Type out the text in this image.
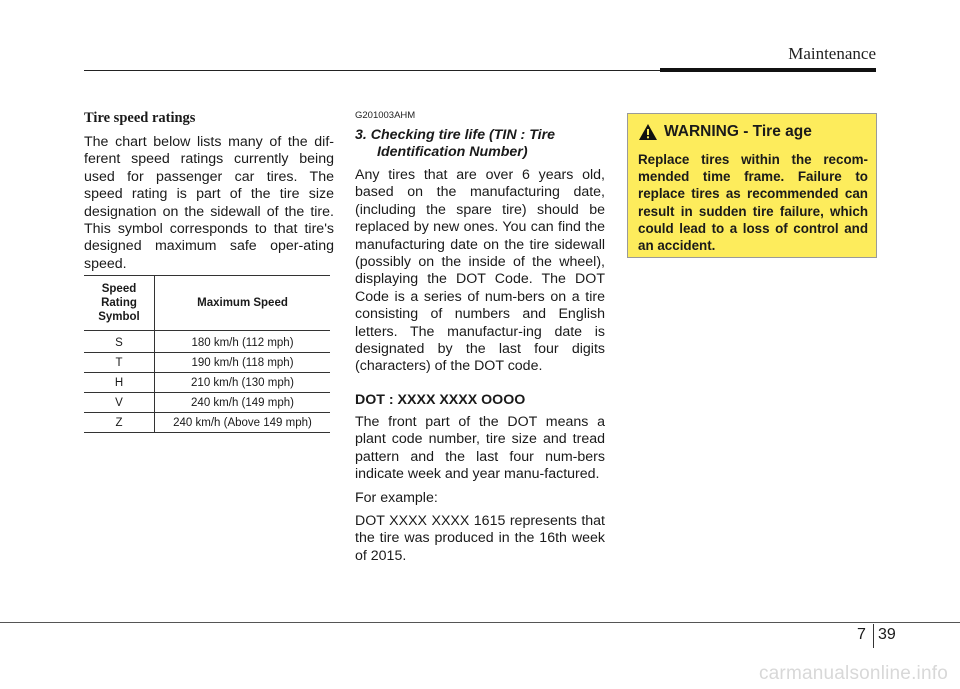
Maintenance

Tire speed ratings

The chart below lists many of the dif-ferent speed ratings currently being used for passenger car tires. The speed rating is part of the tire size designation on the sidewall of the tire. This symbol corresponds to that tire's designed maximum safe oper-ating speed.

Speed Rating Symbol	Maximum Speed
S	180 km/h (112 mph)
T	190 km/h (118 mph)
H	210 km/h (130 mph)
V	240 km/h (149 mph)
Z	240 km/h (Above 149 mph)

G201003AHM

3. Checking tire life (TIN : Tire
Identification Number)

Any tires that are over 6 years old, based on the manufacturing date, (including the spare tire) should be replaced by new ones. You can find the manufacturing date on the tire sidewall (possibly on the inside of the wheel), displaying the DOT Code. The DOT Code is a series of num-bers on a tire consisting of numbers and English letters. The manufactur-ing date is designated by the last four digits (characters) of the DOT code.

DOT : XXXX XXXX OOOO

The front part of the DOT means a plant code number, tire size and tread pattern and the last four num-bers indicate week and year manu-factured.

For example:

DOT XXXX XXXX 1615 represents that the tire was produced in the 16th week of 2015.

WARNING - Tire age
Replace tires within the recom-mended time frame. Failure to replace tires as recommended can result in sudden tire failure, which could lead to a loss of control and an accident.
7 39
carmanualsonline.info
